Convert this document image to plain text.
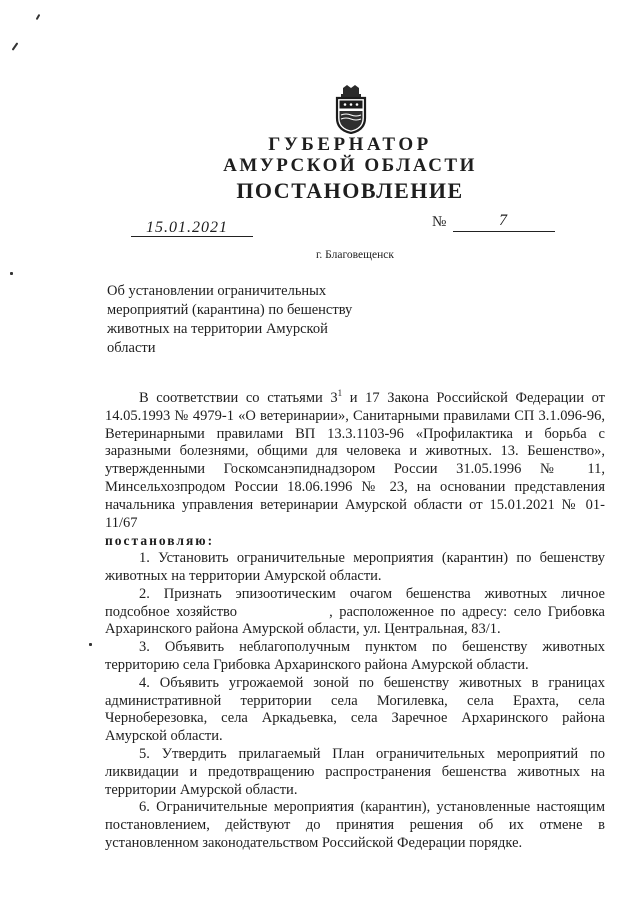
ГУБЕРНАТОР
АМУРСКОЙ ОБЛАСТИ
ПОСТАНОВЛЕНИЕ
15.01.2021	№	7
г. Благовещенск
Об установлении ограничительных мероприятий (карантина) по бешенству животных на территории Амурской области

В соответствии со статьями $3^1$ и 17 Закона Российской Федерации от 14.05.1993 № 4979-1 «О ветеринарии», Санитарными правилами СП 3.1.096-96, Ветеринарными правилами ВП 13.3.1103-96 «Профилактика и борьба с заразными болезнями, общими для человека и животных. 13. Бешенство», утвержденными Госкомсанэпиднадзором России 31.05.1996 № 11, Минсельхозпродом России 18.06.1996 № 23, на основании представления начальника управления ветеринарии Амурской области от 15.01.2021 № 01-11/67

постановляю:

1. Установить ограничительные мероприятия (карантин) по бешенству животных на территории Амурской области.

2. Признать эпизоотическим очагом бешенства животных личное подсобное хозяйство	, расположенное по адресу: село Грибовка Архаринского района Амурской области, ул. Центральная, 83/1.

3. Объявить неблагополучным пунктом по бешенству животных территорию села Грибовка Архаринского района Амурской области.

4. Объявить угрожаемой зоной по бешенству животных в границах административной территории села Могилевка, села Ерахта, села Чернoберезовка, села Аркадьевка, села Заречное Архаринского района Амурской области.

5. Утвердить прилагаемый План ограничительных мероприятий по ликвидации и предотвращению распространения бешенства животных на территории Амурской области.

6. Ограничительные мероприятия (карантин), установленные настоящим постановлением, действуют до принятия решения об их отмене в установленном законодательством Российской Федерации порядке.
